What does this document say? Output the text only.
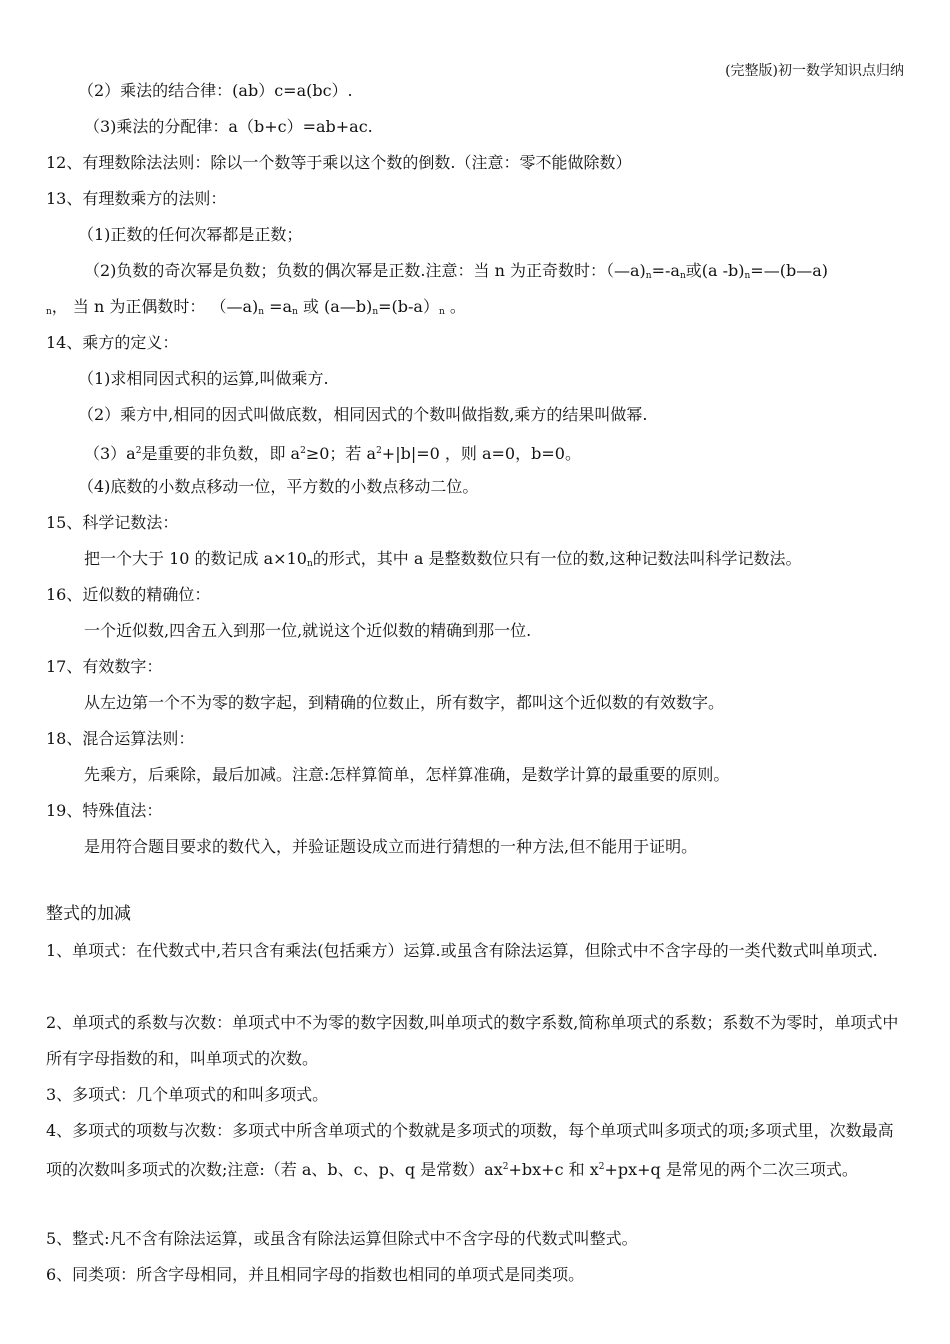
(完整版)初一数学知识点归纳
（2）乘法的结合律：(ab）c=a(bc）.
（3)乘法的分配律：a（b+c）=ab+ac.
12、有理数除法法则：除以一个数等于乘以这个数的倒数.（注意：零不能做除数）
13、有理数乘方的法则：
（1)正数的任何次幂都是正数；
（2)负数的奇次幂是负数；负数的偶次幂是正数.注意：当 n 为正奇数时：$(—a)_n=-a_n$或(a $-b)_n=—(b—a)$
n， 当 n 为正偶数时： $(—a)_n =a_n$ 或 $(a—b)_n=(b-a)_n$ 。
14、乘方的定义：
（1)求相同因式积的运算,叫做乘方.
（2）乘方中,相同的因式叫做底数，相同因式的个数叫做指数,乘方的结果叫做幂.
$(3)a^2$是重要的非负数，即 $a^2\ge 0$；若 $a^2+|b|=0$ ，则 a=0，b=0。
（4)底数的小数点移动一位，平方数的小数点移动二位。
15、科学记数法：
把一个大于 10 的数记成 $a\times 10_n$的形式，其中 a 是整数数位只有一位的数,这种记数法叫科学记数法。
16、近似数的精确位：
一个近似数,四舍五入到那一位,就说这个近似数的精确到那一位.
17、有效数字：
从左边第一个不为零的数字起，到精确的位数止，所有数字，都叫这个近似数的有效数字。
18、混合运算法则：
先乘方，后乘除，最后加减。注意:怎样算简单，怎样算准确，是数学计算的最重要的原则。
19、特殊值法：
是用符合题目要求的数代入，并验证题设成立而进行猜想的一种方法,但不能用于证明。
整式的加减
1、单项式：在代数式中,若只含有乘法(包括乘方）运算.或虽含有除法运算，但除式中不含字母的一类代数式叫单项式.
2、单项式的系数与次数：单项式中不为零的数字因数,叫单项式的数字系数,简称单项式的系数；系数不为零时，单项式中所有字母指数的和，叫单项式的次数。
3、多项式：几个单项式的和叫多项式。
4、多项式的项数与次数：多项式中所含单项式的个数就是多项式的项数，每个单项式叫多项式的项;多项式里，次数最高项的次数叫多项式的次数;注意:（若 a、b、c、p、q 是常数）$ax^2+bx+c$ 和 $x^2+px+q$ 是常见的两个二次三项式。
5、整式:凡不含有除法运算，或虽含有除法运算但除式中不含字母的代数式叫整式。
6、同类项：所含字母相同，并且相同字母的指数也相同的单项式是同类项。
